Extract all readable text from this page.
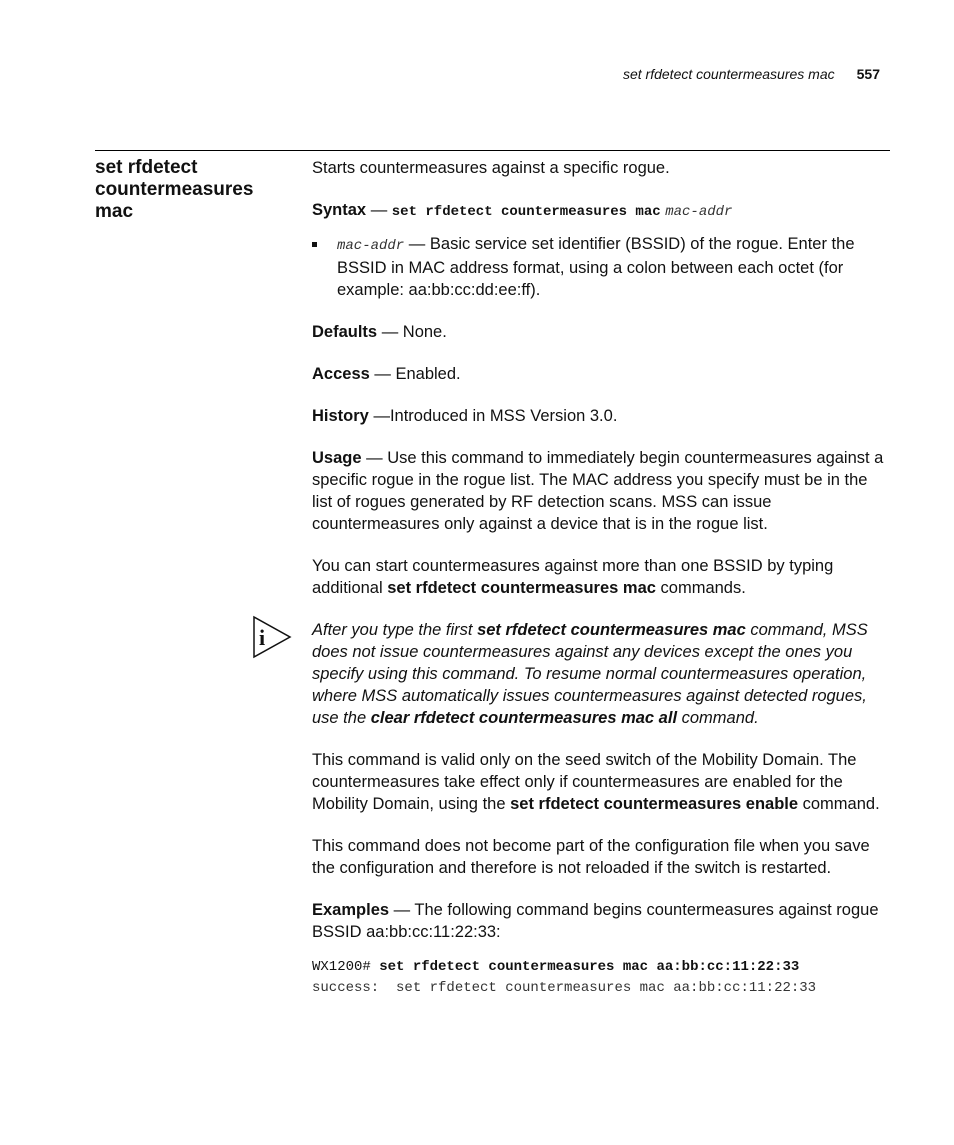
set rfdetect countermeasures mac 557
set rfdetect countermeasures mac

Starts countermeasures against a specific rogue.

Syntax — set rfdetect countermeasures mac mac-addr

mac-addr — Basic service set identifier (BSSID) of the rogue. Enter the BSSID in MAC address format, using a colon between each octet (for example: aa:bb:cc:dd:ee:ff).

Defaults — None.

Access — Enabled.

History —Introduced in MSS Version 3.0.

Usage — Use this command to immediately begin countermeasures against a specific rogue in the rogue list. The MAC address you specify must be in the list of rogues generated by RF detection scans. MSS can issue countermeasures only against a device that is in the rogue list.

You can start countermeasures against more than one BSSID by typing additional set rfdetect countermeasures mac commands.

i	After you type the first set rfdetect countermeasures mac command, MSS does not issue countermeasures against any devices except the ones you specify using this command. To resume normal countermeasures operation, where MSS automatically issues countermeasures against detected rogues, use the clear rfdetect countermeasures mac all command.

This command is valid only on the seed switch of the Mobility Domain. The countermeasures take effect only if countermeasures are enabled for the Mobility Domain, using the set rfdetect countermeasures enable command.

This command does not become part of the configuration file when you save the configuration and therefore is not reloaded if the switch is restarted.

Examples — The following command begins countermeasures against rogue BSSID aa:bb:cc:11:22:33:

WX1200# set rfdetect countermeasures mac aa:bb:cc:11:22:33
success:  set rfdetect countermeasures mac aa:bb:cc:11:22:33
